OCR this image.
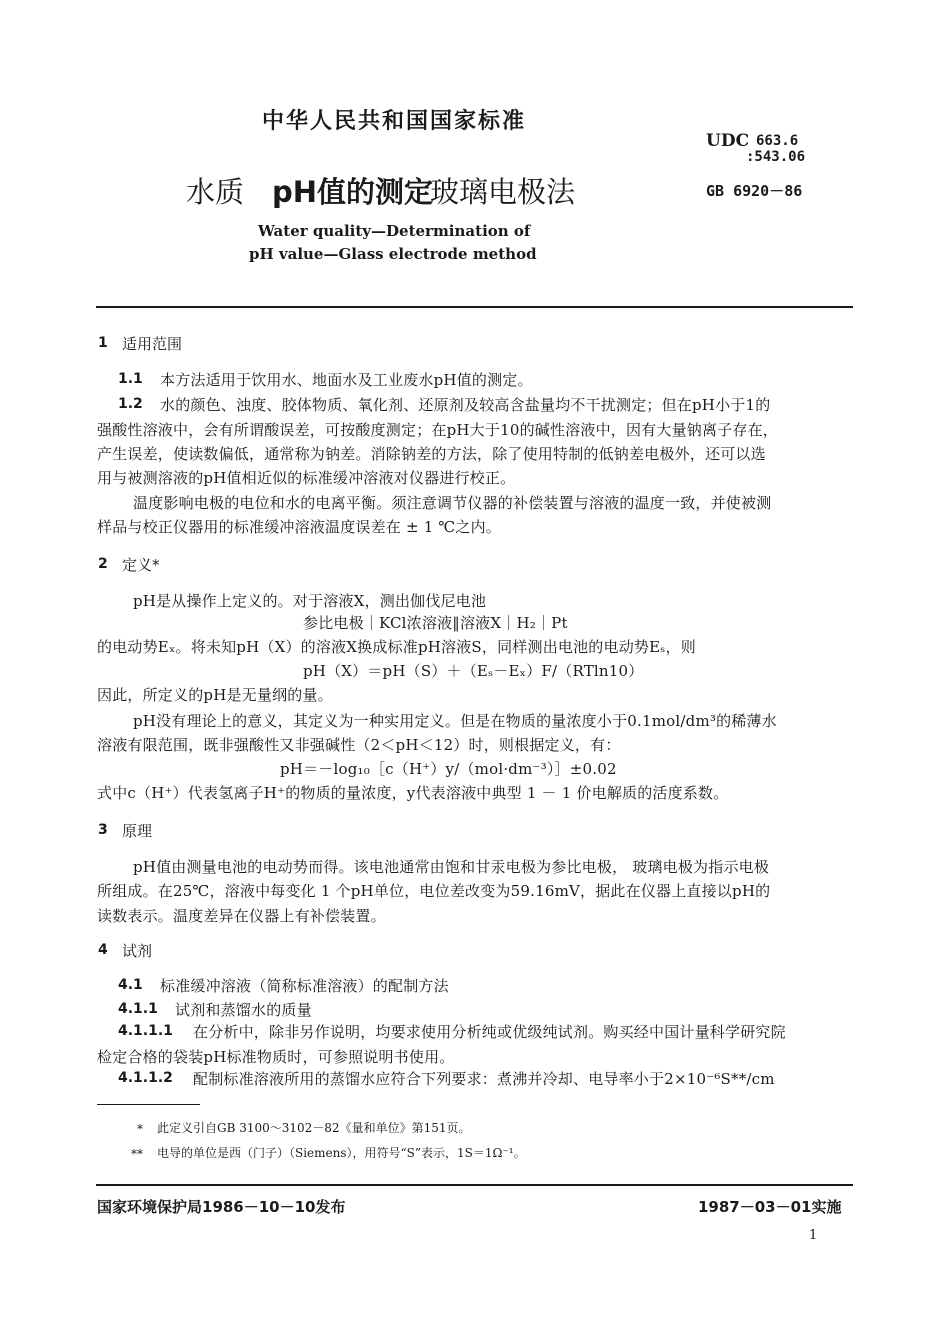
中华人民共和国国家标准
UDC 663.6
:543.06
水质 pH值的测定
玻璃电极法	GB 6920－86
Water quality—Determination of
pH value—Glass electrode method
1 适用范围
1.1 本方法适用于饮用水、地面水及工业废水pH值的测定。
1.2 水的颜色、浊度、胶体物质、氧化剂、还原剂及较高含盐量均不干扰测定；但在pH小于1的
强酸性溶液中，会有所谓酸误差，可按酸度测定；在pH大于10的碱性溶液中，因有大量钠离子存在，
产生误差，使读数偏低，通常称为钠差。消除钠差的方法，除了使用特制的低钠差电极外，还可以选
用与被测溶液的pH值相近似的标准缓冲溶液对仪器进行校正。
温度影响电极的电位和水的电离平衡。须注意调节仪器的补偿装置与溶液的温度一致，并使被测
样品与校正仪器用的标准缓冲溶液温度误差在 ± 1 ℃之内。
2 定义*
pH是从操作上定义的。对于溶液X，测出伽伐尼电池
参比电极｜KCl浓溶液‖溶液X｜H₂｜Pt
的电动势Eₓ。将未知pH（X）的溶液X换成标准pH溶液S，同样测出电池的电动势Eₛ，则
pH（X）＝pH（S）＋（Eₛ－Eₓ）F/（RTln10）
因此，所定义的pH是无量纲的量。
pH没有理论上的意义，其定义为一种实用定义。但是在物质的量浓度小于0.1mol/dm³的稀薄水
溶液有限范围，既非强酸性又非强碱性（2＜pH＜12）时，则根据定义，有：
pH＝－log₁₀［c（H⁺）y/（mol·dm⁻³）］±0.02
式中c（H⁺）代表氢离子H⁺的物质的量浓度，y代表溶液中典型 1 － 1 价电解质的活度系数。
3 原理
pH值由测量电池的电动势而得。该电池通常由饱和甘汞电极为参比电极， 玻璃电极为指示电极
所组成。在25℃，溶液中每变化 1 个pH单位，电位差改变为59.16mV，据此在仪器上直接以pH的
读数表示。温度差异在仪器上有补偿装置。
4 试剂
4.1 标准缓冲溶液（简称标准溶液）的配制方法
4.1.1 试剂和蒸馏水的质量
4.1.1.1 在分析中，除非另作说明，均要求使用分析纯或优级纯试剂。购买经中国计量科学研究院
检定合格的袋装pH标准物质时，可参照说明书使用。
4.1.1.2 配制标准溶液所用的蒸馏水应符合下列要求：煮沸并冷却、电导率小于2×10⁻⁶S**/cm
* 此定义引自GB 3100～3102－82《量和单位》第151页。
** 电导的单位是西（门子）（Siemens），用符号“S”表示，1S＝1Ω⁻¹。
国家环境保护局1986－10－10发布	1987－03－01实施
1
